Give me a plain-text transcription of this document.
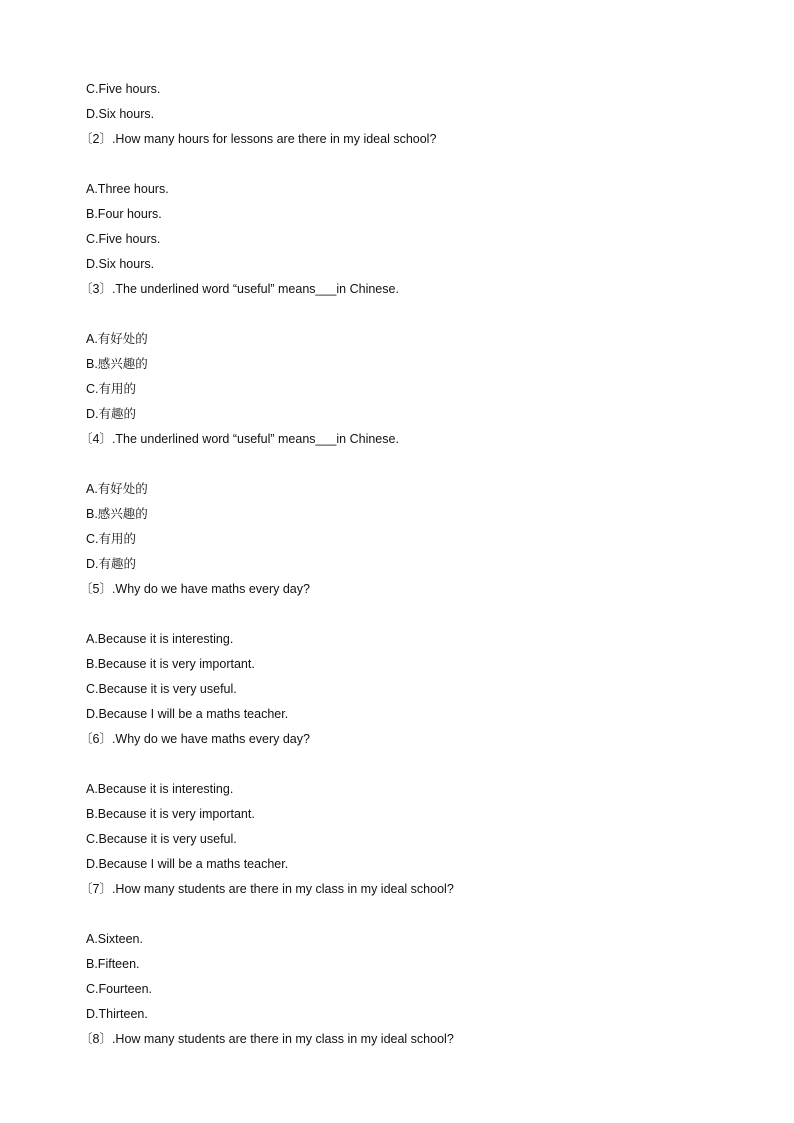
C.Five hours.
D.Six hours.
〔2〕.How many hours for lessons are there in my ideal school?
A.Three hours.
B.Four hours.
C.Five hours.
D.Six hours.
〔3〕.The underlined word “useful” means___in Chinese.
A.有好处的
B.感兴趣的
C.有用的
D.有趣的
〔4〕.The underlined word “useful” means___in Chinese.
A.有好处的
B.感兴趣的
C.有用的
D.有趣的
〔5〕.Why do we have maths every day?
A.Because it is interesting.
B.Because it is very important.
C.Because it is very useful.
D.Because I will be a maths teacher.
〔6〕.Why do we have maths every day?
A.Because it is interesting.
B.Because it is very important.
C.Because it is very useful.
D.Because I will be a maths teacher.
〔7〕.How many students are there in my class in my ideal school?
A.Sixteen.
B.Fifteen.
C.Fourteen.
D.Thirteen.
〔8〕.How many students are there in my class in my ideal school?
